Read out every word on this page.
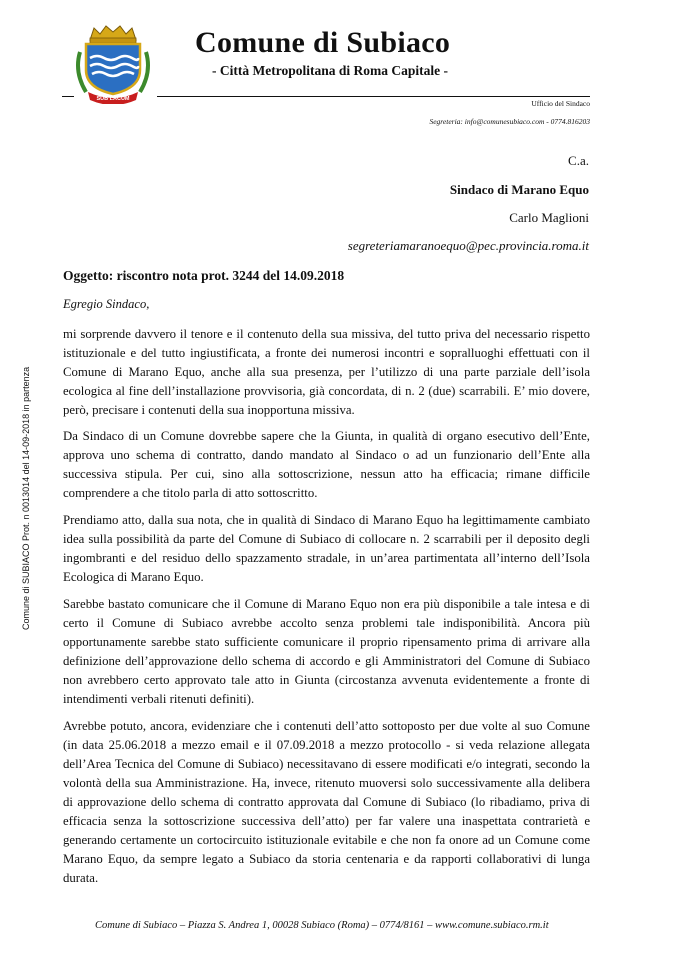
SUB LACUM
Comune di Subiaco
- Città Metropolitana di Roma Capitale -
Ufficio del Sindaco
Segreteria: info@comunesubiaco.com - 0774.816203
Comune di SUBIACO Prot. n 0013014 del 14-09-2018 in partenza
C.a.
Sindaco di Marano Equo
Carlo Maglioni
segreteriamaranoequo@pec.provincia.roma.it
Oggetto: riscontro nota prot. 3244 del 14.09.2018
Egregio Sindaco,
mi sorprende davvero il tenore e il contenuto della sua missiva, del tutto priva del necessario rispetto istituzionale e del tutto ingiustificata, a fronte dei numerosi incontri e sopralluoghi effettuati con il Comune di Marano Equo, anche alla sua presenza, per l’utilizzo di una parte parziale dell’isola ecologica al fine dell’installazione provvisoria, già concordata, di n. 2 (due) scarrabili. E’ mio dovere, però, precisare i contenuti della sua inopportuna missiva.
Da Sindaco di un Comune dovrebbe sapere che la Giunta, in qualità di organo esecutivo dell’Ente, approva uno schema di contratto, dando mandato al Sindaco o ad un funzionario dell’Ente alla successiva stipula. Per cui, sino alla sottoscrizione, nessun atto ha efficacia; rimane difficile comprendere a che titolo parla di atto sottoscritto.
Prendiamo atto, dalla sua nota, che in qualità di Sindaco di Marano Equo ha legittimamente cambiato idea sulla possibilità da parte del Comune di Subiaco di collocare n. 2 scarrabili per il deposito degli ingombranti e del residuo dello spazzamento stradale, in un’area partimentata all’interno dell’Isola Ecologica di Marano Equo.
Sarebbe bastato comunicare che il Comune di Marano Equo non era più disponibile a tale intesa e di certo il Comune di Subiaco avrebbe accolto senza problemi tale indisponibilità. Ancora più opportunamente sarebbe stato sufficiente comunicare il proprio ripensamento prima di arrivare alla definizione dell’approvazione dello schema di accordo e gli Amministratori del Comune di Subiaco non avrebbero certo approvato tale atto in Giunta (circostanza avvenuta evidentemente a fronte di intendimenti verbali ritenuti definiti).
Avrebbe potuto, ancora, evidenziare che i contenuti dell’atto sottoposto per due volte al suo Comune (in data 25.06.2018 a mezzo email e il 07.09.2018 a mezzo protocollo - si veda relazione allegata dell’Area Tecnica del Comune di Subiaco) necessitavano di essere modificati e/o integrati, secondo la volontà della sua Amministrazione. Ha, invece, ritenuto muoversi solo successivamente alla delibera di approvazione dello schema di contratto approvata dal Comune di Subiaco (lo ribadiamo, priva di efficacia senza la sottoscrizione successiva dell’atto) per far valere una inaspettata contrarietà e generando certamente un cortocircuito istituzionale evitabile e che non fa onore ad un Comune come Marano Equo, da sempre legato a Subiaco da storia centenaria e da rapporti collaborativi di lunga durata.
Comune di Subiaco – Piazza S. Andrea 1, 00028 Subiaco (Roma) – 0774/8161 – www.comune.subiaco.rm.it
